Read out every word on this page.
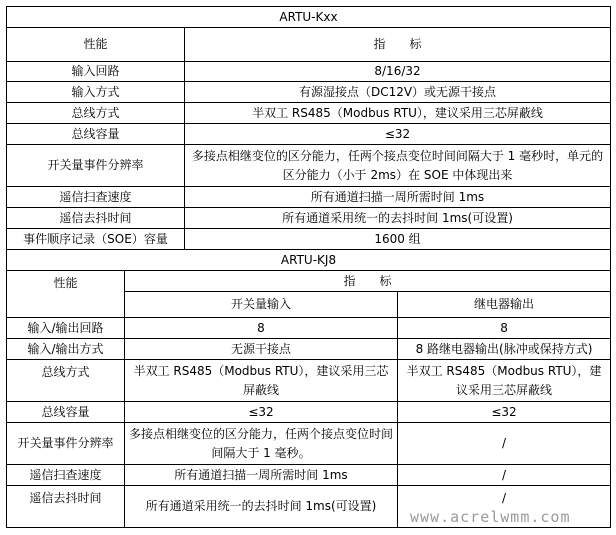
ARTU-Kxx	
性能	指　　标
输入回路	8/16/32
输入方式	有源湿接点（DC12V）或无源干接点
总线方式	半双工 RS485（Modbus RTU），建议采用三芯屏蔽线
总线容量	≤32
开关量事件分辨率	多接点相继变位的区分能力，任两个接点变位时间间隔大于 1 毫秒时，单元的区分能力（小于 2ms）在 SOE 中体现出来
遥信扫查速度	所有通道扫描一周所需时间 1ms
遥信去抖时间	所有通道采用统一的去抖时间 1ms(可设置)
事件顺序记录（SOE）容量	1600 组
ARTU-KJ8		
性能	指　　标	
	开关量输入	继电器输出
输入/输出回路	8	8
输入/输出方式	无源干接点	8 路继电器输出(脉冲或保持方式)
总线方式	半双工 RS485（Modbus RTU），建议采用三芯屏蔽线	半双工 RS485（Modbus RTU），建议采用三芯屏蔽线
总线容量	≤32	≤32
开关量事件分辨率	多接点相继变位的区分能力，任两个接点变位时间间隔大于 1 毫秒。	/
遥信扫查速度	所有通道扫描一周所需时间 1ms	/
遥信去抖时间	所有通道采用统一的去抖时间 1ms(可设置)	/
www.acrelwmm.com
